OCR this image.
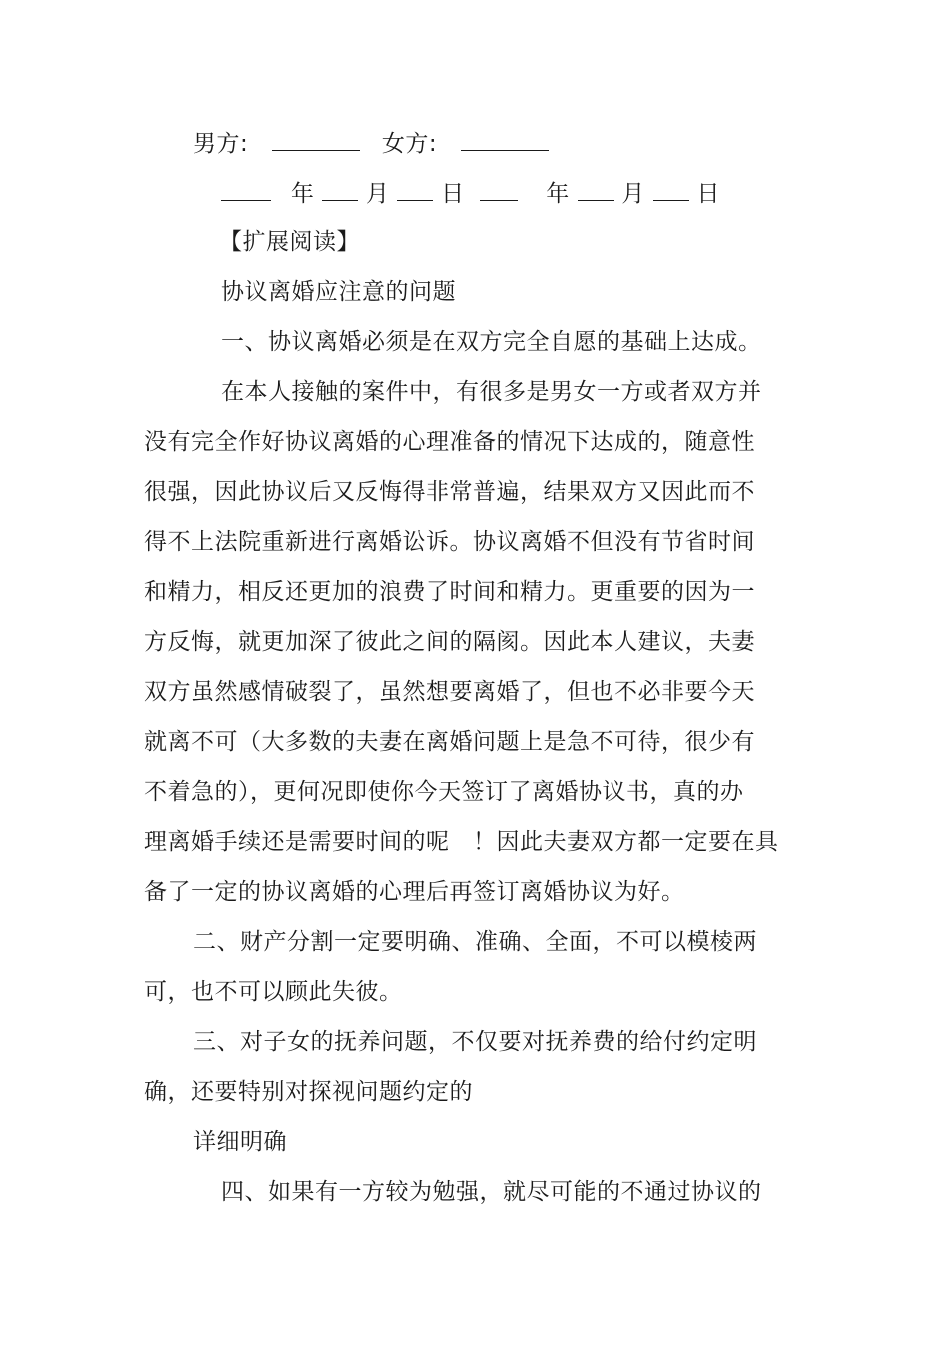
男方:	女方:
年 月 日	年 月 日
【扩展阅读】
协议离婚应注意的问题
一、协议离婚必须是在双方完全自愿的基础上达成。
在本人接触的案件中，有很多是男女一方或者双方并
没有完全作好协议离婚的心理准备的情况下达成的，随意性
很强，因此协议后又反悔得非常普遍，结果双方又因此而不
得不上法院重新进行离婚讼诉。协议离婚不但没有节省时间
和精力，相反还更加的浪费了时间和精力。更重要的因为一
方反悔，就更加深了彼此之间的隔阂。因此本人建议，夫妻
双方虽然感情破裂了，虽然想要离婚了，但也不必非要今天
就离不可（大多数的夫妻在离婚问题上是急不可待，很少有
不着急的），更何况即使你今天签订了离婚协议书，真的办
理离婚手续还是需要时间的呢　！因此夫妻双方都一定要在具
备了一定的协议离婚的心理后再签订离婚协议为好。
二、财产分割一定要明确、准确、全面，不可以模棱两
可，也不可以顾此失彼。
三、对子女的抚养问题，不仅要对抚养费的给付约定明
确，还要特别对探视问题约定的
详细明确
四、如果有一方较为勉强，就尽可能的不通过协议的
